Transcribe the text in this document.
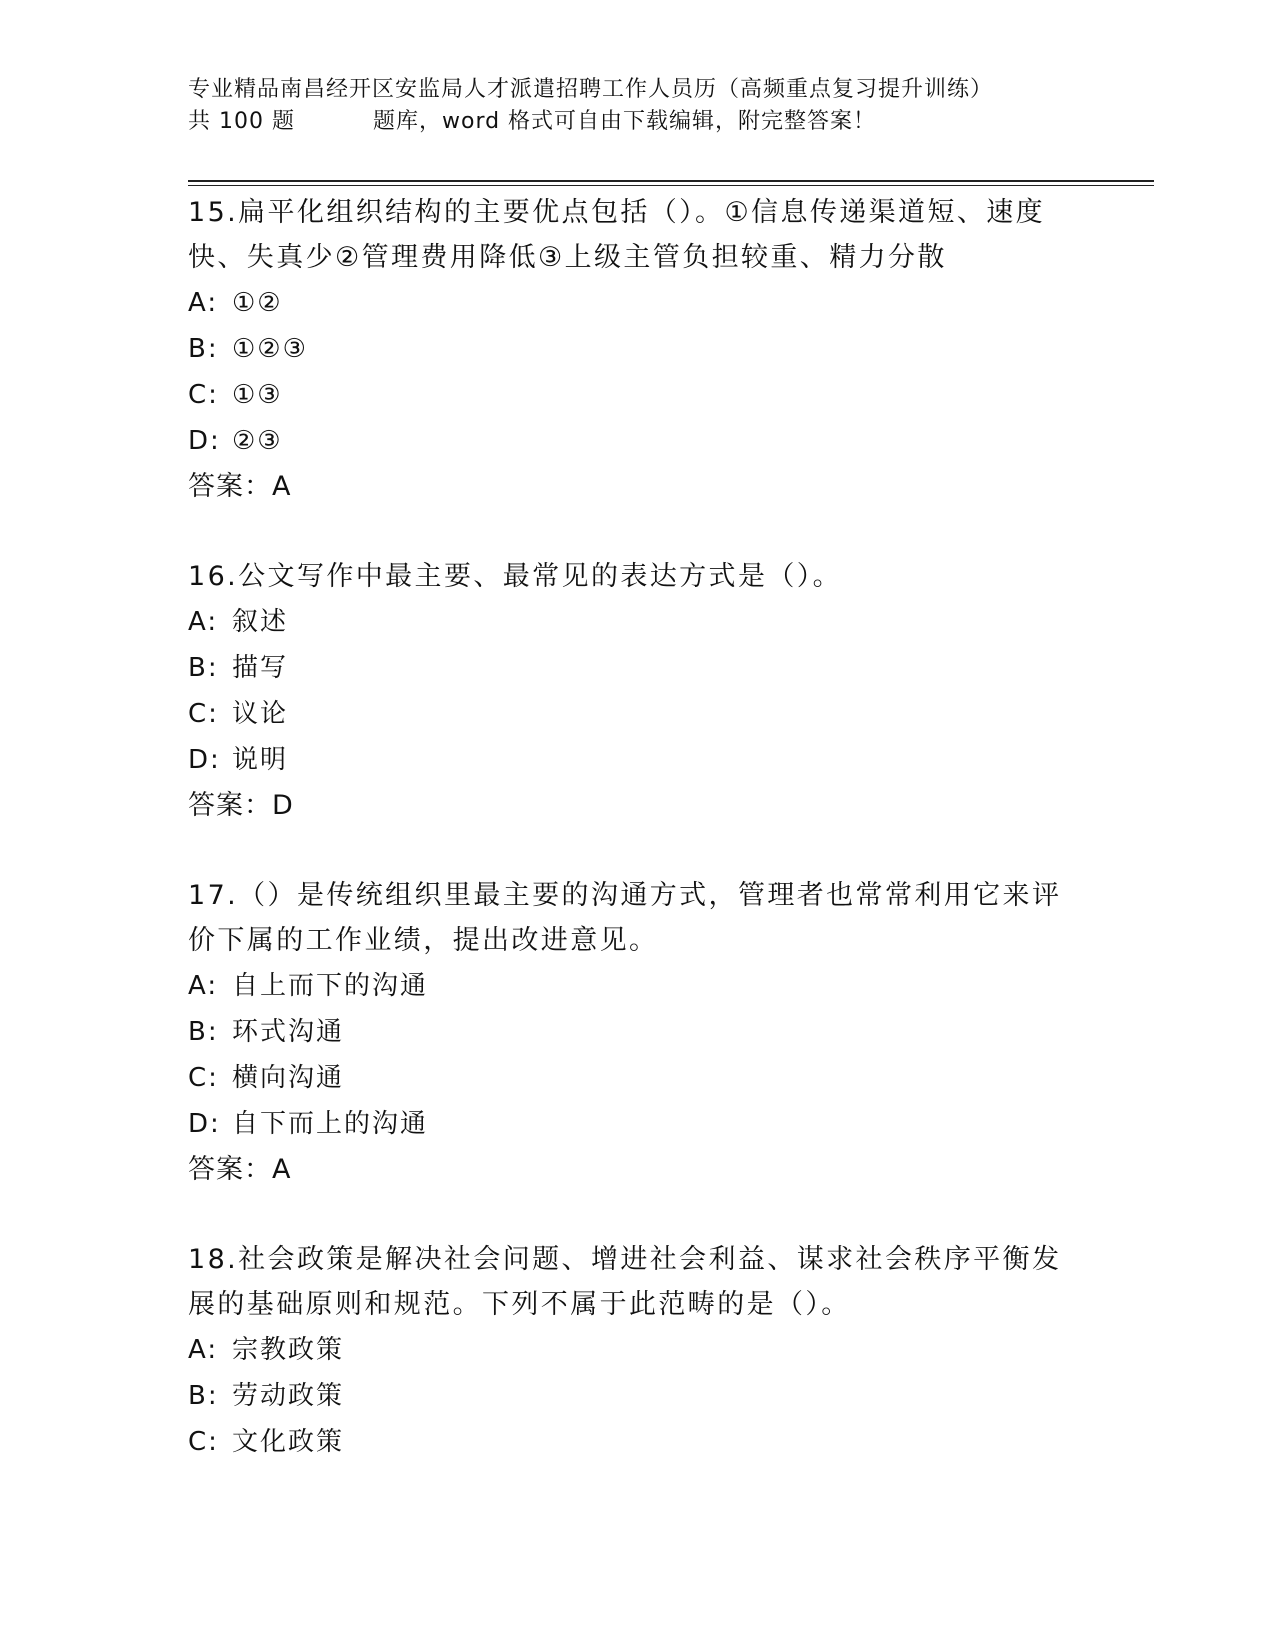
专业精品南昌经开区安监局人才派遣招聘工作人员历（高频重点复习提升训练）
共 100 题	题库，word 格式可自由下载编辑，附完整答案！
15.扁平化组织结构的主要优点包括（）。①信息传递渠道短、速度快、失真少②管理费用降低③上级主管负担较重、精力分散
A: ①②
B: ①②③
C: ①③
D: ②③
答案：A
16.公文写作中最主要、最常见的表达方式是（）。
A: 叙述
B: 描写
C: 议论
D: 说明
答案：D
17.（）是传统组织里最主要的沟通方式，管理者也常常利用它来评价下属的工作业绩，提出改进意见。
A: 自上而下的沟通
B: 环式沟通
C: 横向沟通
D: 自下而上的沟通
答案：A
18.社会政策是解决社会问题、增进社会利益、谋求社会秩序平衡发展的基础原则和规范。下列不属于此范畴的是（）。
A: 宗教政策
B: 劳动政策
C: 文化政策
